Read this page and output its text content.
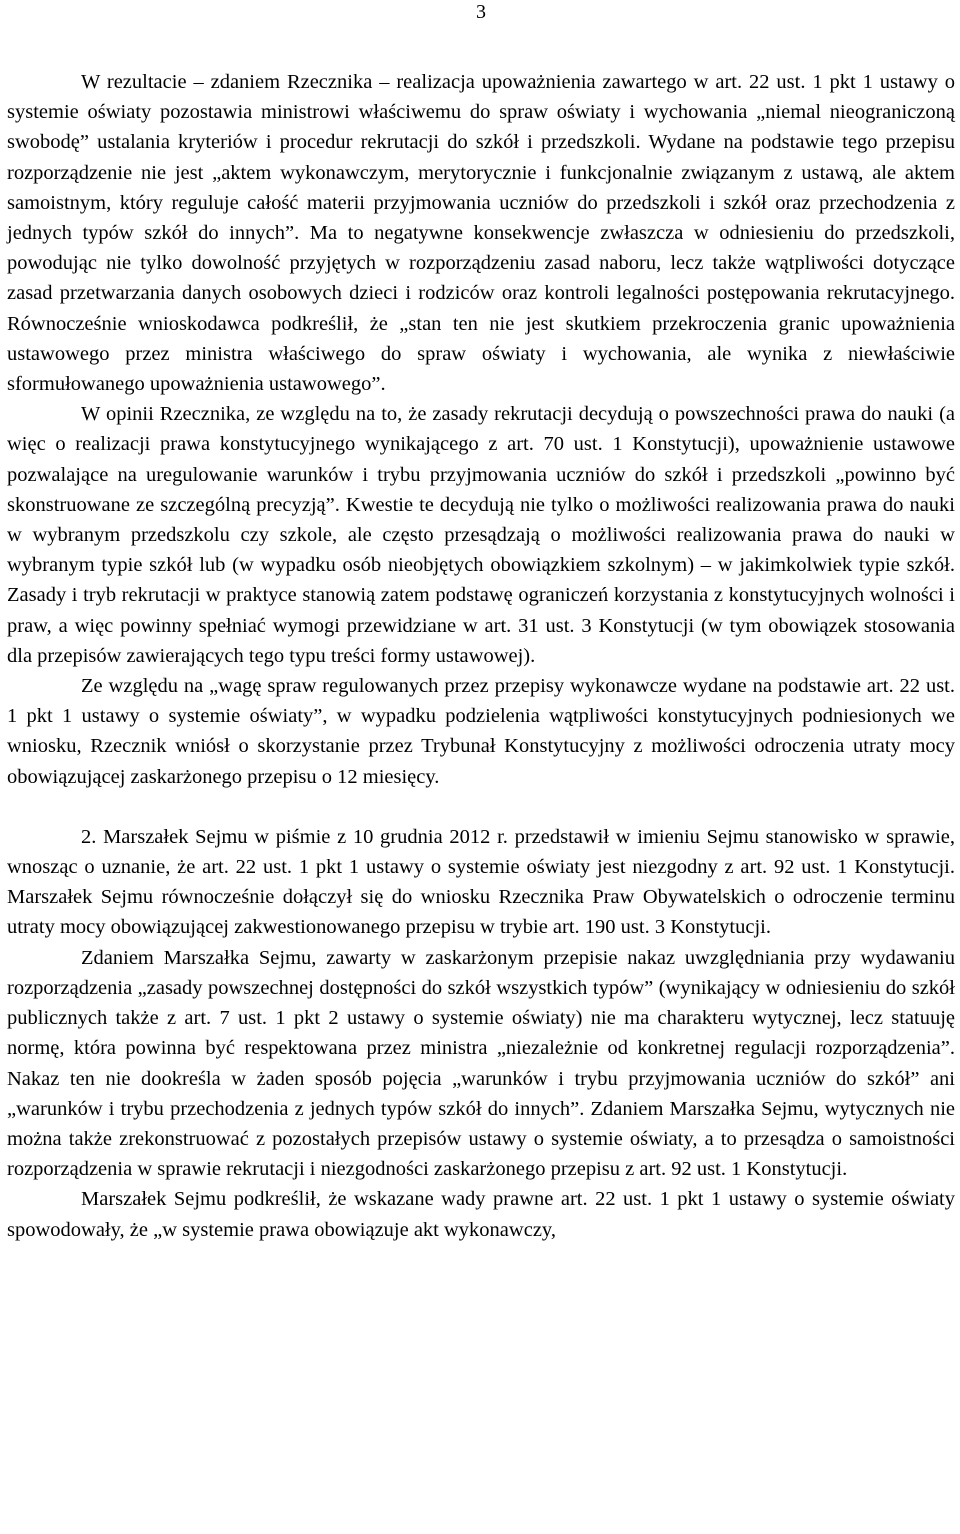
3

W rezultacie – zdaniem Rzecznika – realizacja upoważnienia zawartego w art. 22 ust. 1 pkt 1 ustawy o systemie oświaty pozostawia ministrowi właściwemu do spraw oświaty i wychowania „niemal nieograniczoną swobodę” ustalania kryteriów i procedur rekrutacji do szkół i przedszkoli. Wydane na podstawie tego przepisu rozporządzenie nie jest „aktem wykonawczym, merytorycznie i funkcjonalnie związanym z ustawą, ale aktem samoistnym, który reguluje całość materii przyjmowania uczniów do przedszkoli i szkół oraz przechodzenia z jednych typów szkół do innych”. Ma to negatywne konsekwencje zwłaszcza w odniesieniu do przedszkoli, powodując nie tylko dowolność przyjętych w rozporządzeniu zasad naboru, lecz także wątpliwości dotyczące zasad przetwarzania danych osobowych dzieci i rodziców oraz kontroli legalności postępowania rekrutacyjnego. Równocześnie wnioskodawca podkreślił, że „stan ten nie jest skutkiem przekroczenia granic upoważnienia ustawowego przez ministra właściwego do spraw oświaty i wychowania, ale wynika z niewłaściwie sformułowanego upoważnienia ustawowego”.

W opinii Rzecznika, ze względu na to, że zasady rekrutacji decydują o powszechności prawa do nauki (a więc o realizacji prawa konstytucyjnego wynikającego z art. 70 ust. 1 Konstytucji), upoważnienie ustawowe pozwalające na uregulowanie warunków i trybu przyjmowania uczniów do szkół i przedszkoli „powinno być skonstruowane ze szczególną precyzją”. Kwestie te decydują nie tylko o możliwości realizowania prawa do nauki w wybranym przedszkolu czy szkole, ale często przesądzają o możliwości realizowania prawa do nauki w wybranym typie szkół lub (w wypadku osób nieobjętych obowiązkiem szkolnym) – w jakimkolwiek typie szkół. Zasady i tryb rekrutacji w praktyce stanowią zatem podstawę ograniczeń korzystania z konstytucyjnych wolności i praw, a więc powinny spełniać wymogi przewidziane w art. 31 ust. 3 Konstytucji (w tym obowiązek stosowania dla przepisów zawierających tego typu treści formy ustawowej).

Ze względu na „wagę spraw regulowanych przez przepisy wykonawcze wydane na podstawie art. 22 ust. 1 pkt 1 ustawy o systemie oświaty”, w wypadku podzielenia wątpliwości konstytucyjnych podniesionych we wniosku, Rzecznik wniósł o skorzystanie przez Trybunał Konstytucyjny z możliwości odroczenia utraty mocy obowiązującej zaskarżonego przepisu o 12 miesięcy.

2. Marszałek Sejmu w piśmie z 10 grudnia 2012 r. przedstawił w imieniu Sejmu stanowisko w sprawie, wnosząc o uznanie, że art. 22 ust. 1 pkt 1 ustawy o systemie oświaty jest niezgodny z art. 92 ust. 1 Konstytucji. Marszałek Sejmu równocześnie dołączył się do wniosku Rzecznika Praw Obywatelskich o odroczenie terminu utraty mocy obowiązującej zakwestionowanego przepisu w trybie art. 190 ust. 3 Konstytucji.

Zdaniem Marszałka Sejmu, zawarty w zaskarżonym przepisie nakaz uwzględniania przy wydawaniu rozporządzenia „zasady powszechnej dostępności do szkół wszystkich typów” (wynikający w odniesieniu do szkół publicznych także z art. 7 ust. 1 pkt 2 ustawy o systemie oświaty) nie ma charakteru wytycznej, lecz statuuję normę, która powinna być respektowana przez ministra „niezależnie od konkretnej regulacji rozporządzenia”. Nakaz ten nie dookreśla w żaden sposób pojęcia „warunków i trybu przyjmowania uczniów do szkół” ani „warunków i trybu przechodzenia z jednych typów szkół do innych”. Zdaniem Marszałka Sejmu, wytycznych nie można także zrekonstruować z pozostałych przepisów ustawy o systemie oświaty, a to przesądza o samoistności rozporządzenia w sprawie rekrutacji i niezgodności zaskarżonego przepisu z art. 92 ust. 1 Konstytucji.

Marszałek Sejmu podkreślił, że wskazane wady prawne art. 22 ust. 1 pkt 1 ustawy o systemie oświaty spowodowały, że „w systemie prawa obowiązuje akt wykonawczy,
